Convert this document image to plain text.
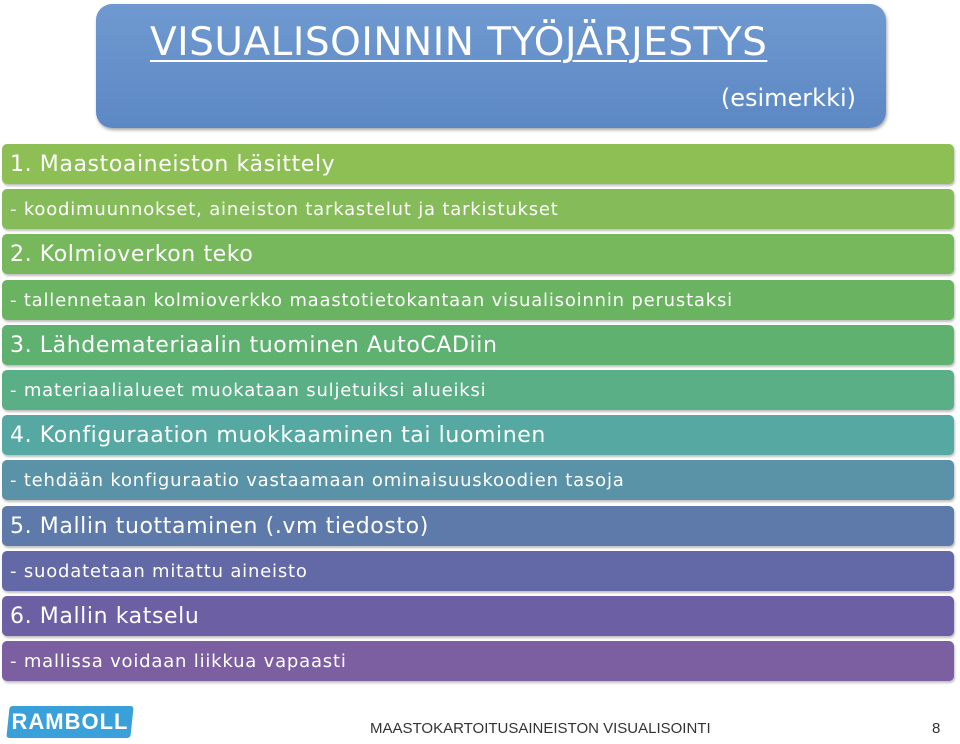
VISUALISOINNIN TYÖJÄRJESTYS
(esimerkki)
1. Maastoaineiston käsittely
- koodimuunnokset, aineiston tarkastelut ja tarkistukset
2. Kolmioverkon teko
- tallennetaan kolmioverkko maastotietokantaan visualisoinnin perustaksi
3. Lähdemateriaalin tuominen AutoCADiin
- materiaalialueet muokataan suljetuiksi alueiksi
4. Konfiguraation muokkaaminen tai luominen
- tehdään konfiguraatio vastaamaan ominaisuuskoodien tasoja
5. Mallin tuottaminen (.vm tiedosto)
- suodatetaan mitattu aineisto
6. Mallin katselu
- mallissa voidaan liikkua vapaasti
RAMBOLL	MAASTOKARTOITUSAINEISTON VISUALISOINTI	8
